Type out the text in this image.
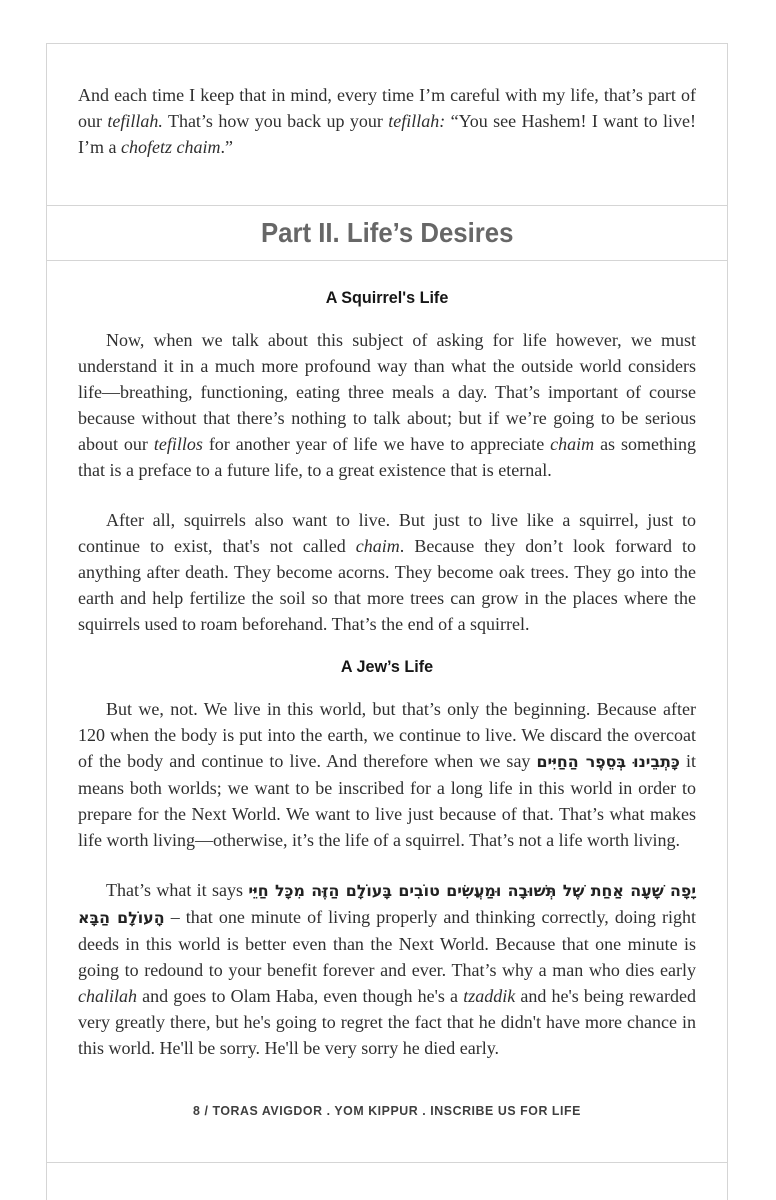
And each time I keep that in mind, every time I’m careful with my life, that’s part of our tefillah. That’s how you back up your tefillah: “You see Hashem! I want to live! I’m a chofetz chaim.”

Part II. Life’s Desires
A Squirrel's Life

Now, when we talk about this subject of asking for life however, we must understand it in a much more profound way than what the outside world considers life—breathing, functioning, eating three meals a day. That’s important of course because without that there’s nothing to talk about; but if we’re going to be serious about our tefillos for another year of life we have to appreciate chaim as something that is a preface to a future life, to a great existence that is eternal.

After all, squirrels also want to live. But just to live like a squirrel, just to continue to exist, that's not called chaim. Because they don’t look forward to anything after death. They become acorns. They become oak trees. They go into the earth and help fertilize the soil so that more trees can grow in the places where the squirrels used to roam beforehand. That’s the end of a squirrel.

A Jew’s Life

But we, not. We live in this world, but that’s only the beginning. Because after 120 when the body is put into the earth, we continue to live. We discard the overcoat of the body and continue to live. And therefore when we say כָּתְבֵינוּ בְּסֵפֶר הַחַיִּים it means both worlds; we want to be inscribed for a long life in this world in order to prepare for the Next World. We want to live just because of that. That’s what makes life worth living—otherwise, it’s the life of a squirrel. That’s not a life worth living.

That’s what it says יָפָה שָׁעָה אַחַת שֶׁל תְּשׁוּבָה וּמַעֲשִׂים טוֹבִים בָּעוֹלָם הַזֶּה מִכָּל חַיֵּי הָעוֹלָם הַבָּא – that one minute of living properly and thinking correctly, doing right deeds in this world is better even than the Next World. Because that one minute is going to redound to your benefit forever and ever. That’s why a man who dies early chalilah and goes to Olam Haba, even though he's a tzaddik and he's being rewarded very greatly there, but he's going to regret the fact that he didn't have more chance in this world. He'll be sorry. He'll be very sorry he died early.

8 / TORAS AVIGDOR . YOM KIPPUR . INSCRIBE US FOR LIFE
